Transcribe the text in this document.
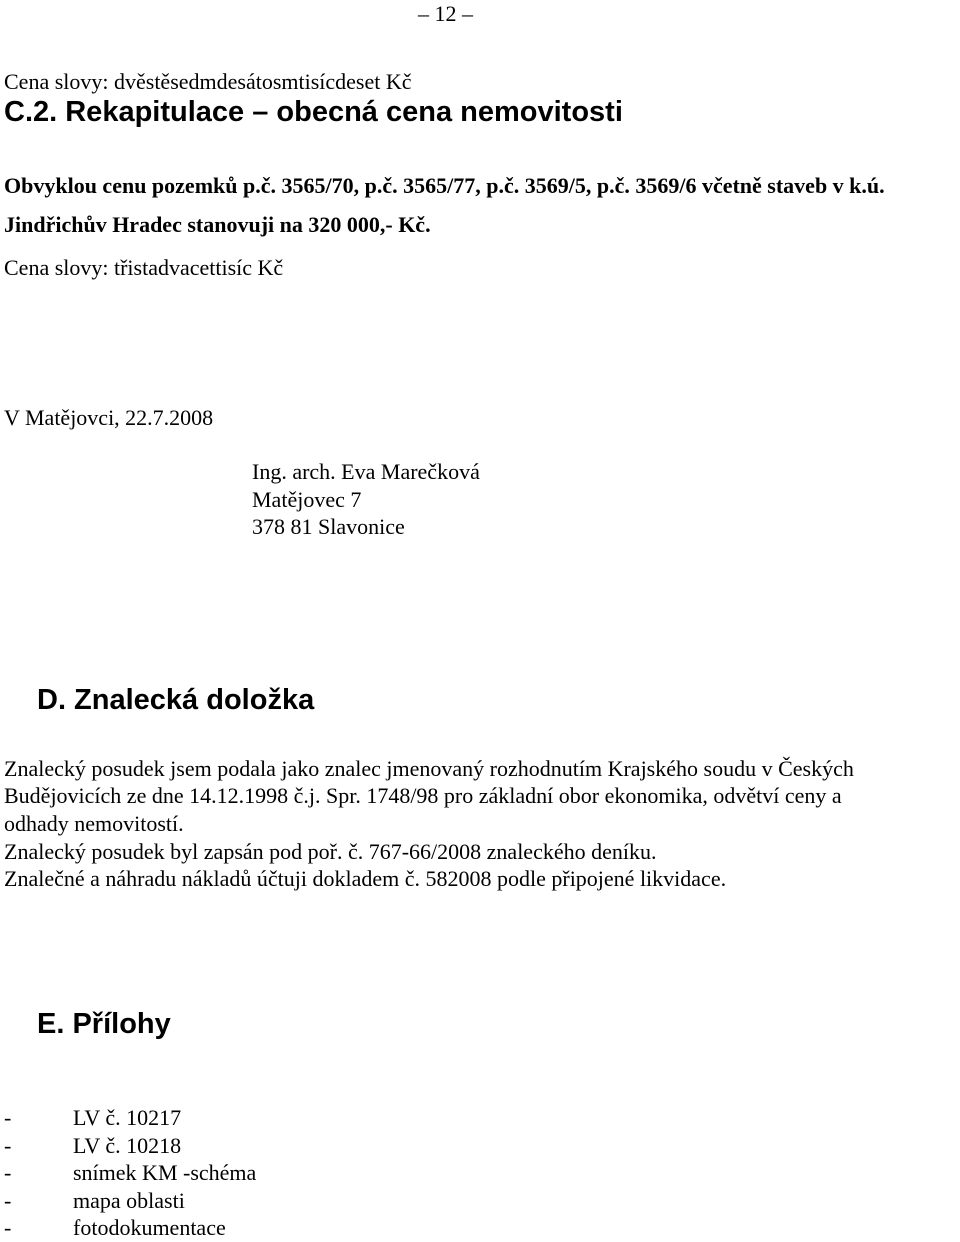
– 12 –
Cena slovy: dvěstěsedmdesátosmtisícdeset Kč
C.2. Rekapitulace – obecná cena nemovitosti
Obvyklou cenu pozemků p.č. 3565/70, p.č. 3565/77, p.č. 3569/5, p.č. 3569/6 včetně staveb v k.ú.
Jindřichův Hradec stanovuji na 320 000,- Kč.
Cena slovy: třistadvacettisíc Kč
V Matějovci, 22.7.2008
Ing. arch. Eva Marečková
Matějovec 7
378 81 Slavonice
D. Znalecká doložka
Znalecký posudek jsem podala jako znalec jmenovaný rozhodnutím Krajského soudu v Českých
Budějovicích ze dne 14.12.1998 č.j. Spr. 1748/98 pro základní obor ekonomika, odvětví ceny a
odhady nemovitostí.
Znalecký posudek byl zapsán pod poř. č. 767-66/2008 znaleckého deníku.
Znalečné a náhradu nákladů účtuji dokladem č. 582008 podle připojené likvidace.
E. Přílohy
-	LV č. 10217
-	LV č. 10218
-	snímek KM -schéma
-	mapa oblasti
-	fotodokumentace
